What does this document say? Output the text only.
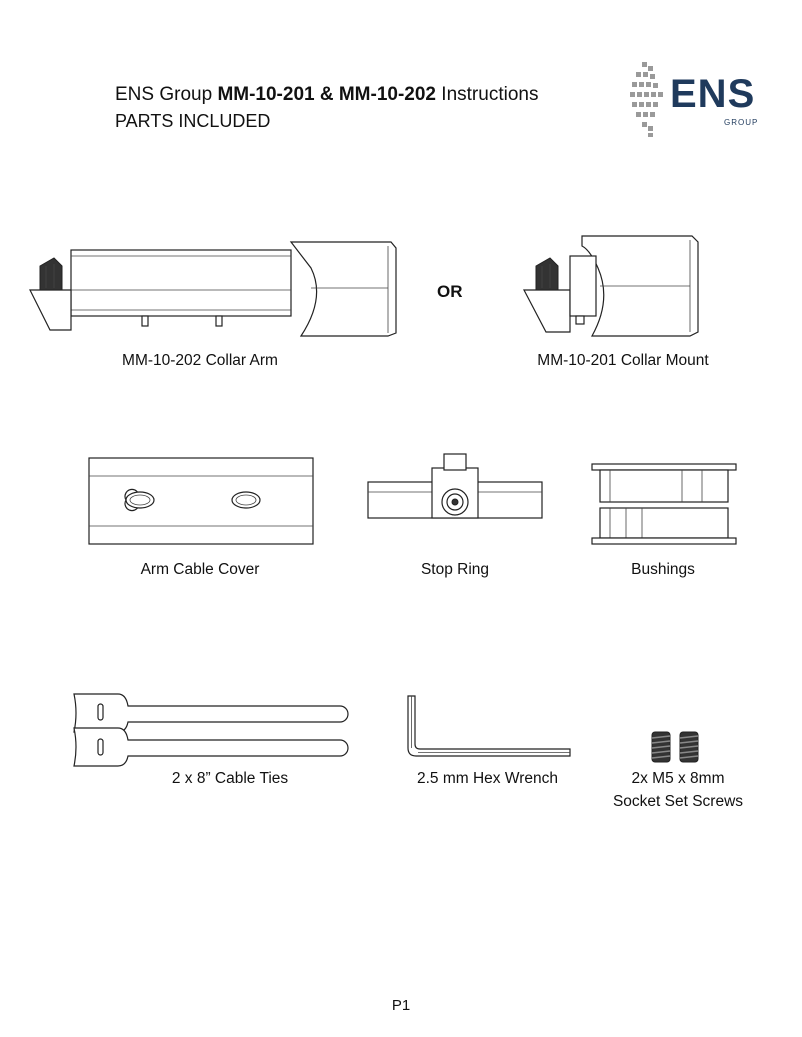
ENS Group MM-10-201 & MM-10-202 Instructions
PARTS INCLUDED
ENS
GROUP
MM-10-202 Collar Arm
OR
MM-10-201 Collar Mount
Arm Cable Cover	Stop Ring	Bushings
2 x 8” Cable Ties	2.5 mm Hex Wrench	2x M5 x 8mm
Socket Set Screws
P1
